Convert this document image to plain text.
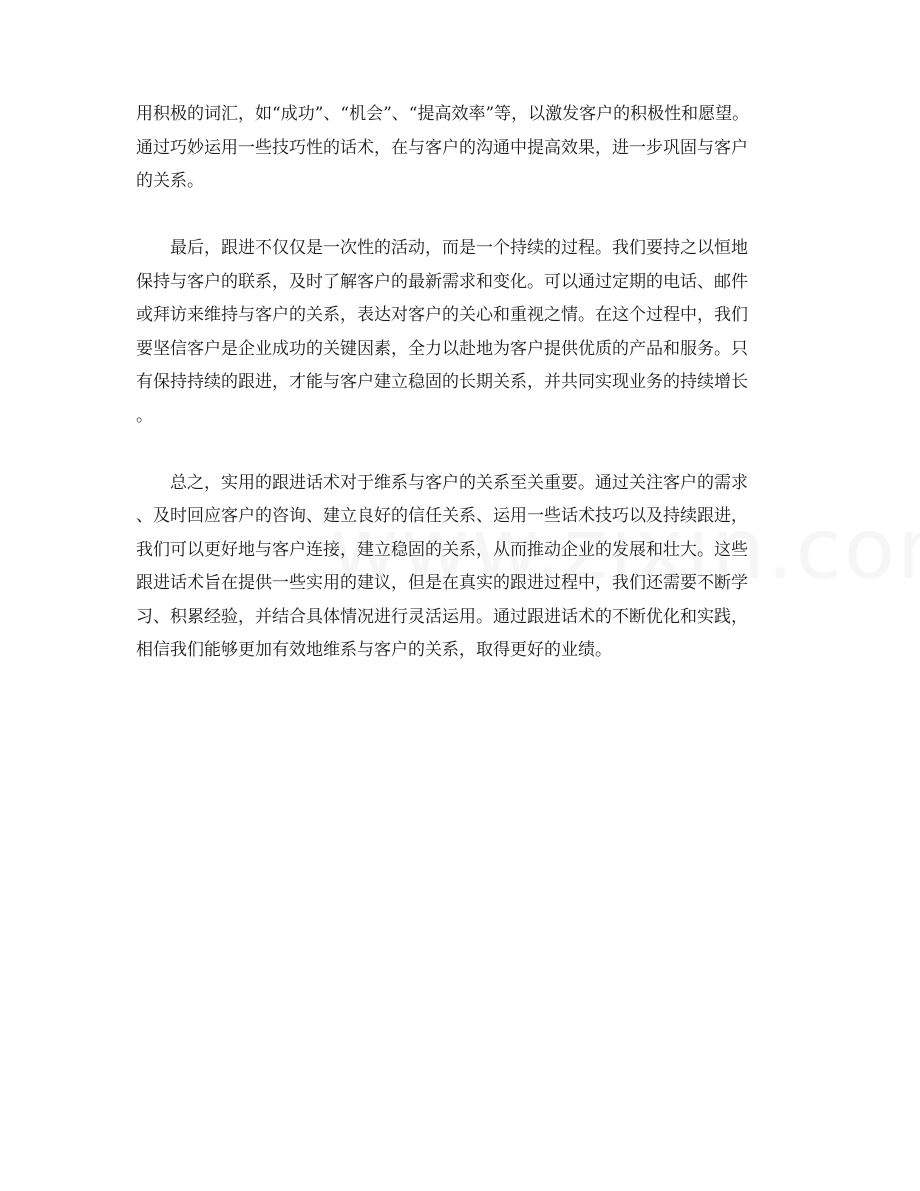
用积极的词汇，如“成功”、“机会”、“提高效率”等，以激发客户的积极性和愿望。
通过巧妙运用一些技巧性的话术，在与客户的沟通中提高效果，进一步巩固与客户
的关系。
最后，跟进不仅仅是一次性的活动，而是一个持续的过程。我们要持之以恒地
保持与客户的联系，及时了解客户的最新需求和变化。可以通过定期的电话、邮件
或拜访来维持与客户的关系，表达对客户的关心和重视之情。在这个过程中，我们
要坚信客户是企业成功的关键因素，全力以赴地为客户提供优质的产品和服务。只
有保持持续的跟进，才能与客户建立稳固的长期关系，并共同实现业务的持续增长
。
总之，实用的跟进话术对于维系与客户的关系至关重要。通过关注客户的需求
、及时回应客户的咨询、建立良好的信任关系、运用一些话术技巧以及持续跟进，
我们可以更好地与客户连接，建立稳固的关系，从而推动企业的发展和壮大。这些
跟进话术旨在提供一些实用的建议，但是在真实的跟进过程中，我们还需要不断学
习、积累经验，并结合具体情况进行灵活运用。通过跟进话术的不断优化和实践，
相信我们能够更加有效地维系与客户的关系，取得更好的业绩。
